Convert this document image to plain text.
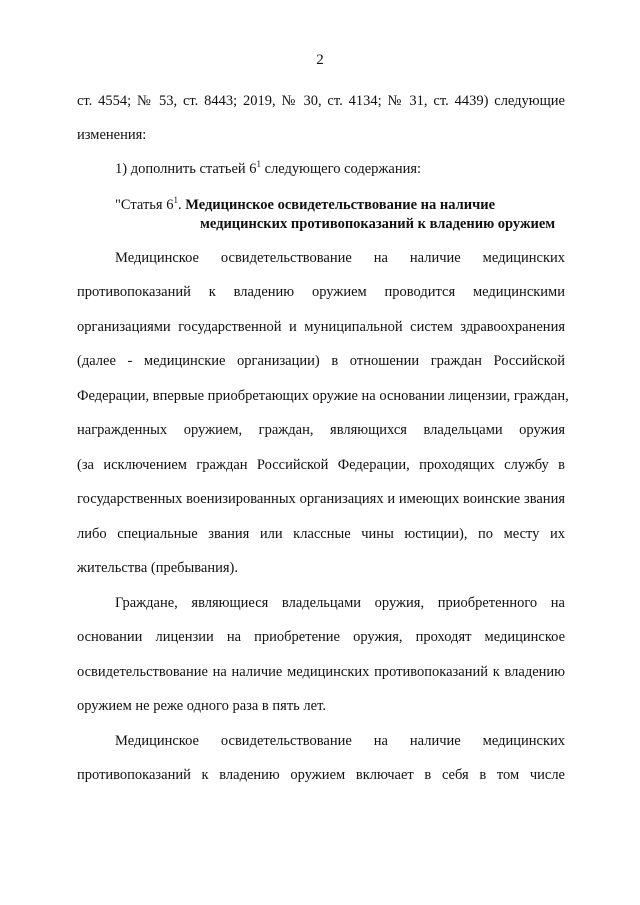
2
ст. 4554; № 53, ст. 8443; 2019, № 30, ст. 4134; № 31, ст. 4439) следующие
изменения:
1) дополнить статьей $6^1$ следующего содержания:
"Статья $6^1$. Медицинское освидетельствование на наличие
медицинских противопоказаний к владению оружием
Медицинское освидетельствование на наличие медицинских
противопоказаний к владению оружием проводится медицинскими
организациями государственной и муниципальной систем здравоохранения
(далее - медицинские организации) в отношении граждан Российской
Федерации, впервые приобретающих оружие на основании лицензии, граждан,
награжденных оружием, граждан, являющихся владельцами оружия
(за исключением граждан Российской Федерации, проходящих службу в
государственных военизированных организациях и имеющих воинские звания
либо специальные звания или классные чины юстиции), по месту их
жительства (пребывания).
Граждане, являющиеся владельцами оружия, приобретенного на
основании лицензии на приобретение оружия, проходят медицинское
освидетельствование на наличие медицинских противопоказаний к владению
оружием не реже одного раза в пять лет.
Медицинское освидетельствование на наличие медицинских
противопоказаний к владению оружием включает в себя в том числе
